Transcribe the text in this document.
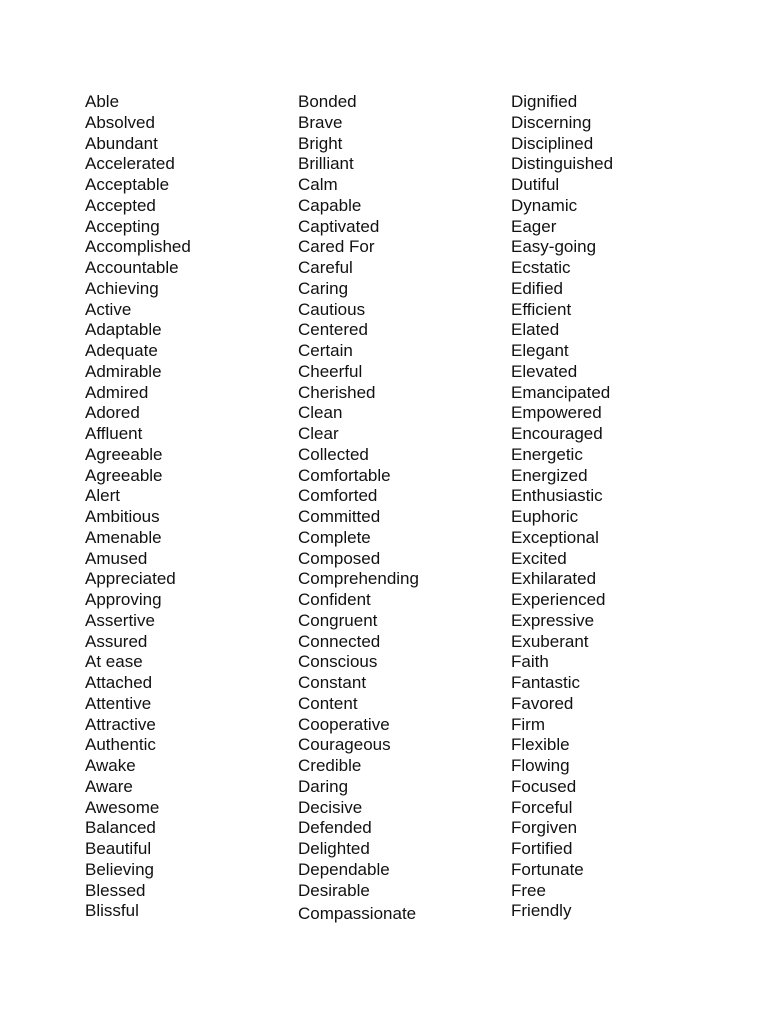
Able
Absolved
Abundant
Accelerated
Acceptable
Accepted
Accepting
Accomplished
Accountable
Achieving
Active
Adaptable
Adequate
Admirable
Admired
Adored
Affluent
Agreeable
Agreeable
Alert
Ambitious
Amenable
Amused
Appreciated
Approving
Assertive
Assured
At ease
Attached
Attentive
Attractive
Authentic
Awake
Aware
Awesome
Balanced
Beautiful
Believing
Blessed
Blissful
Bonded
Brave
Bright
Brilliant
Calm
Capable
Captivated
Cared For
Careful
Caring
Cautious
Centered
Certain
Cheerful
Cherished
Clean
Clear
Collected
Comfortable
Comforted
Committed
Complete
Composed
Comprehending
Confident
Congruent
Connected
Conscious
Constant
Content
Cooperative
Courageous
Credible
Daring
Decisive
Defended
Delighted
Dependable
Desirable
Compassionate
Dignified
Discerning
Disciplined
Distinguished
Dutiful
Dynamic
Eager
Easy-going
Ecstatic
Edified
Efficient
Elated
Elegant
Elevated
Emancipated
Empowered
Encouraged
Energetic
Energized
Enthusiastic
Euphoric
Exceptional
Excited
Exhilarated
Experienced
Expressive
Exuberant
Faith
Fantastic
Favored
Firm
Flexible
Flowing
Focused
Forceful
Forgiven
Fortified
Fortunate
Free
Friendly
